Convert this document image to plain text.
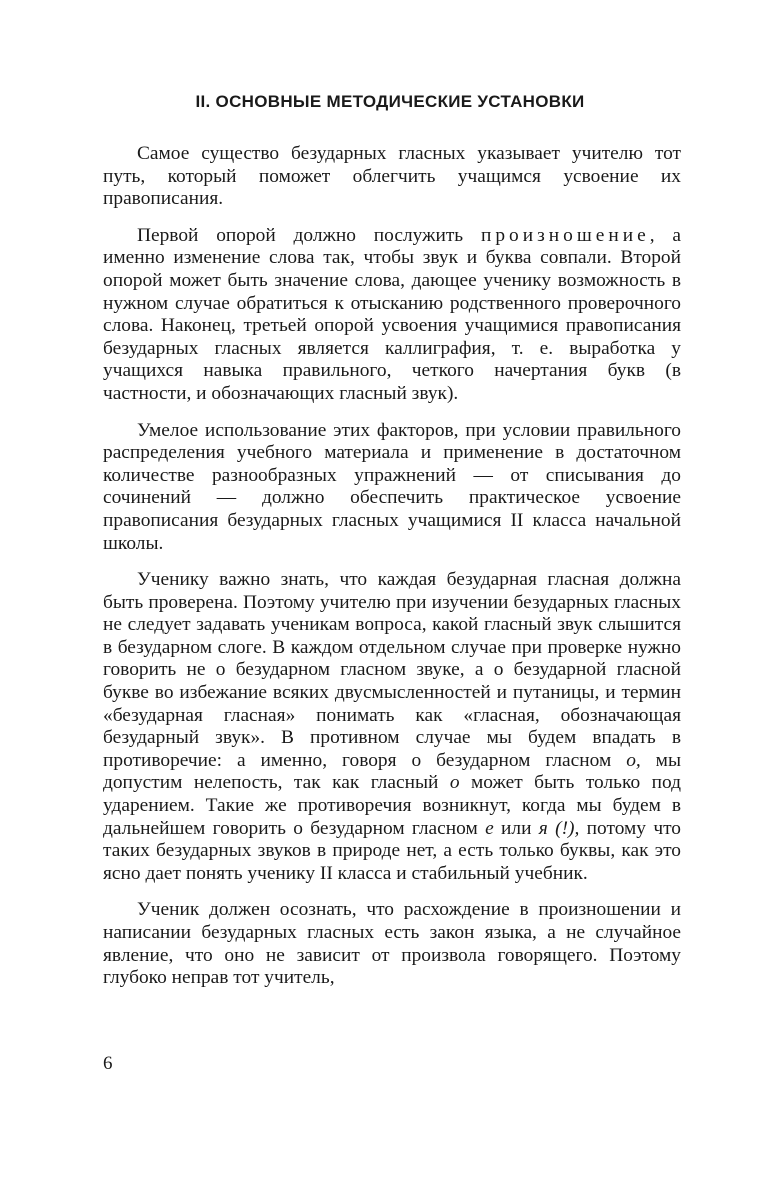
II. ОСНОВНЫЕ МЕТОДИЧЕСКИЕ УСТАНОВКИ

Самое существо безударных гласных указывает учителю тот путь, который поможет облегчить учащимся усвоение их правописания.

Первой опорой должно послужить произношение, а именно изменение слова так, чтобы звук и буква совпали. Второй опорой может быть значение слова, дающее ученику возможность в нужном случае обратиться к отысканию родственного проверочного слова. Наконец, третьей опорой усвоения учащимися правописания безударных гласных является каллиграфия, т. е. выработка у учащихся навыка правильного, четкого начертания букв (в частности, и обозначающих гласный звук).

Умелое использование этих факторов, при условии правильного распределения учебного материала и применение в достаточном количестве разнообразных упражнений — от списывания до сочинений — должно обеспечить практическое усвоение правописания безударных гласных учащимися II класса начальной школы.

Ученику важно знать, что каждая безударная гласная должна быть проверена. Поэтому учителю при изучении безударных гласных не следует задавать ученикам вопроса, какой гласный звук слышится в безударном слоге. В каждом отдельном случае при проверке нужно говорить не о безударном гласном звуке, а о безударной гласной букве во избежание всяких двусмысленностей и путаницы, и термин «безударная гласная» понимать как «гласная, обозначающая безударный звук». В противном случае мы будем впадать в противоречие: а именно, говоря о безударном гласном о, мы допустим нелепость, так как гласный о может быть только под ударением. Такие же противоречия возникнут, когда мы будем в дальнейшем говорить о безударном гласном е или я (!), потому что таких безударных звуков в природе нет, а есть только буквы, как это ясно дает понять ученику II класса и стабильный учебник.

Ученик должен осознать, что расхождение в произношении и написании безударных гласных есть закон языка, а не случайное явление, что оно не зависит от произвола говорящего. Поэтому глубоко неправ тот учитель,

6
